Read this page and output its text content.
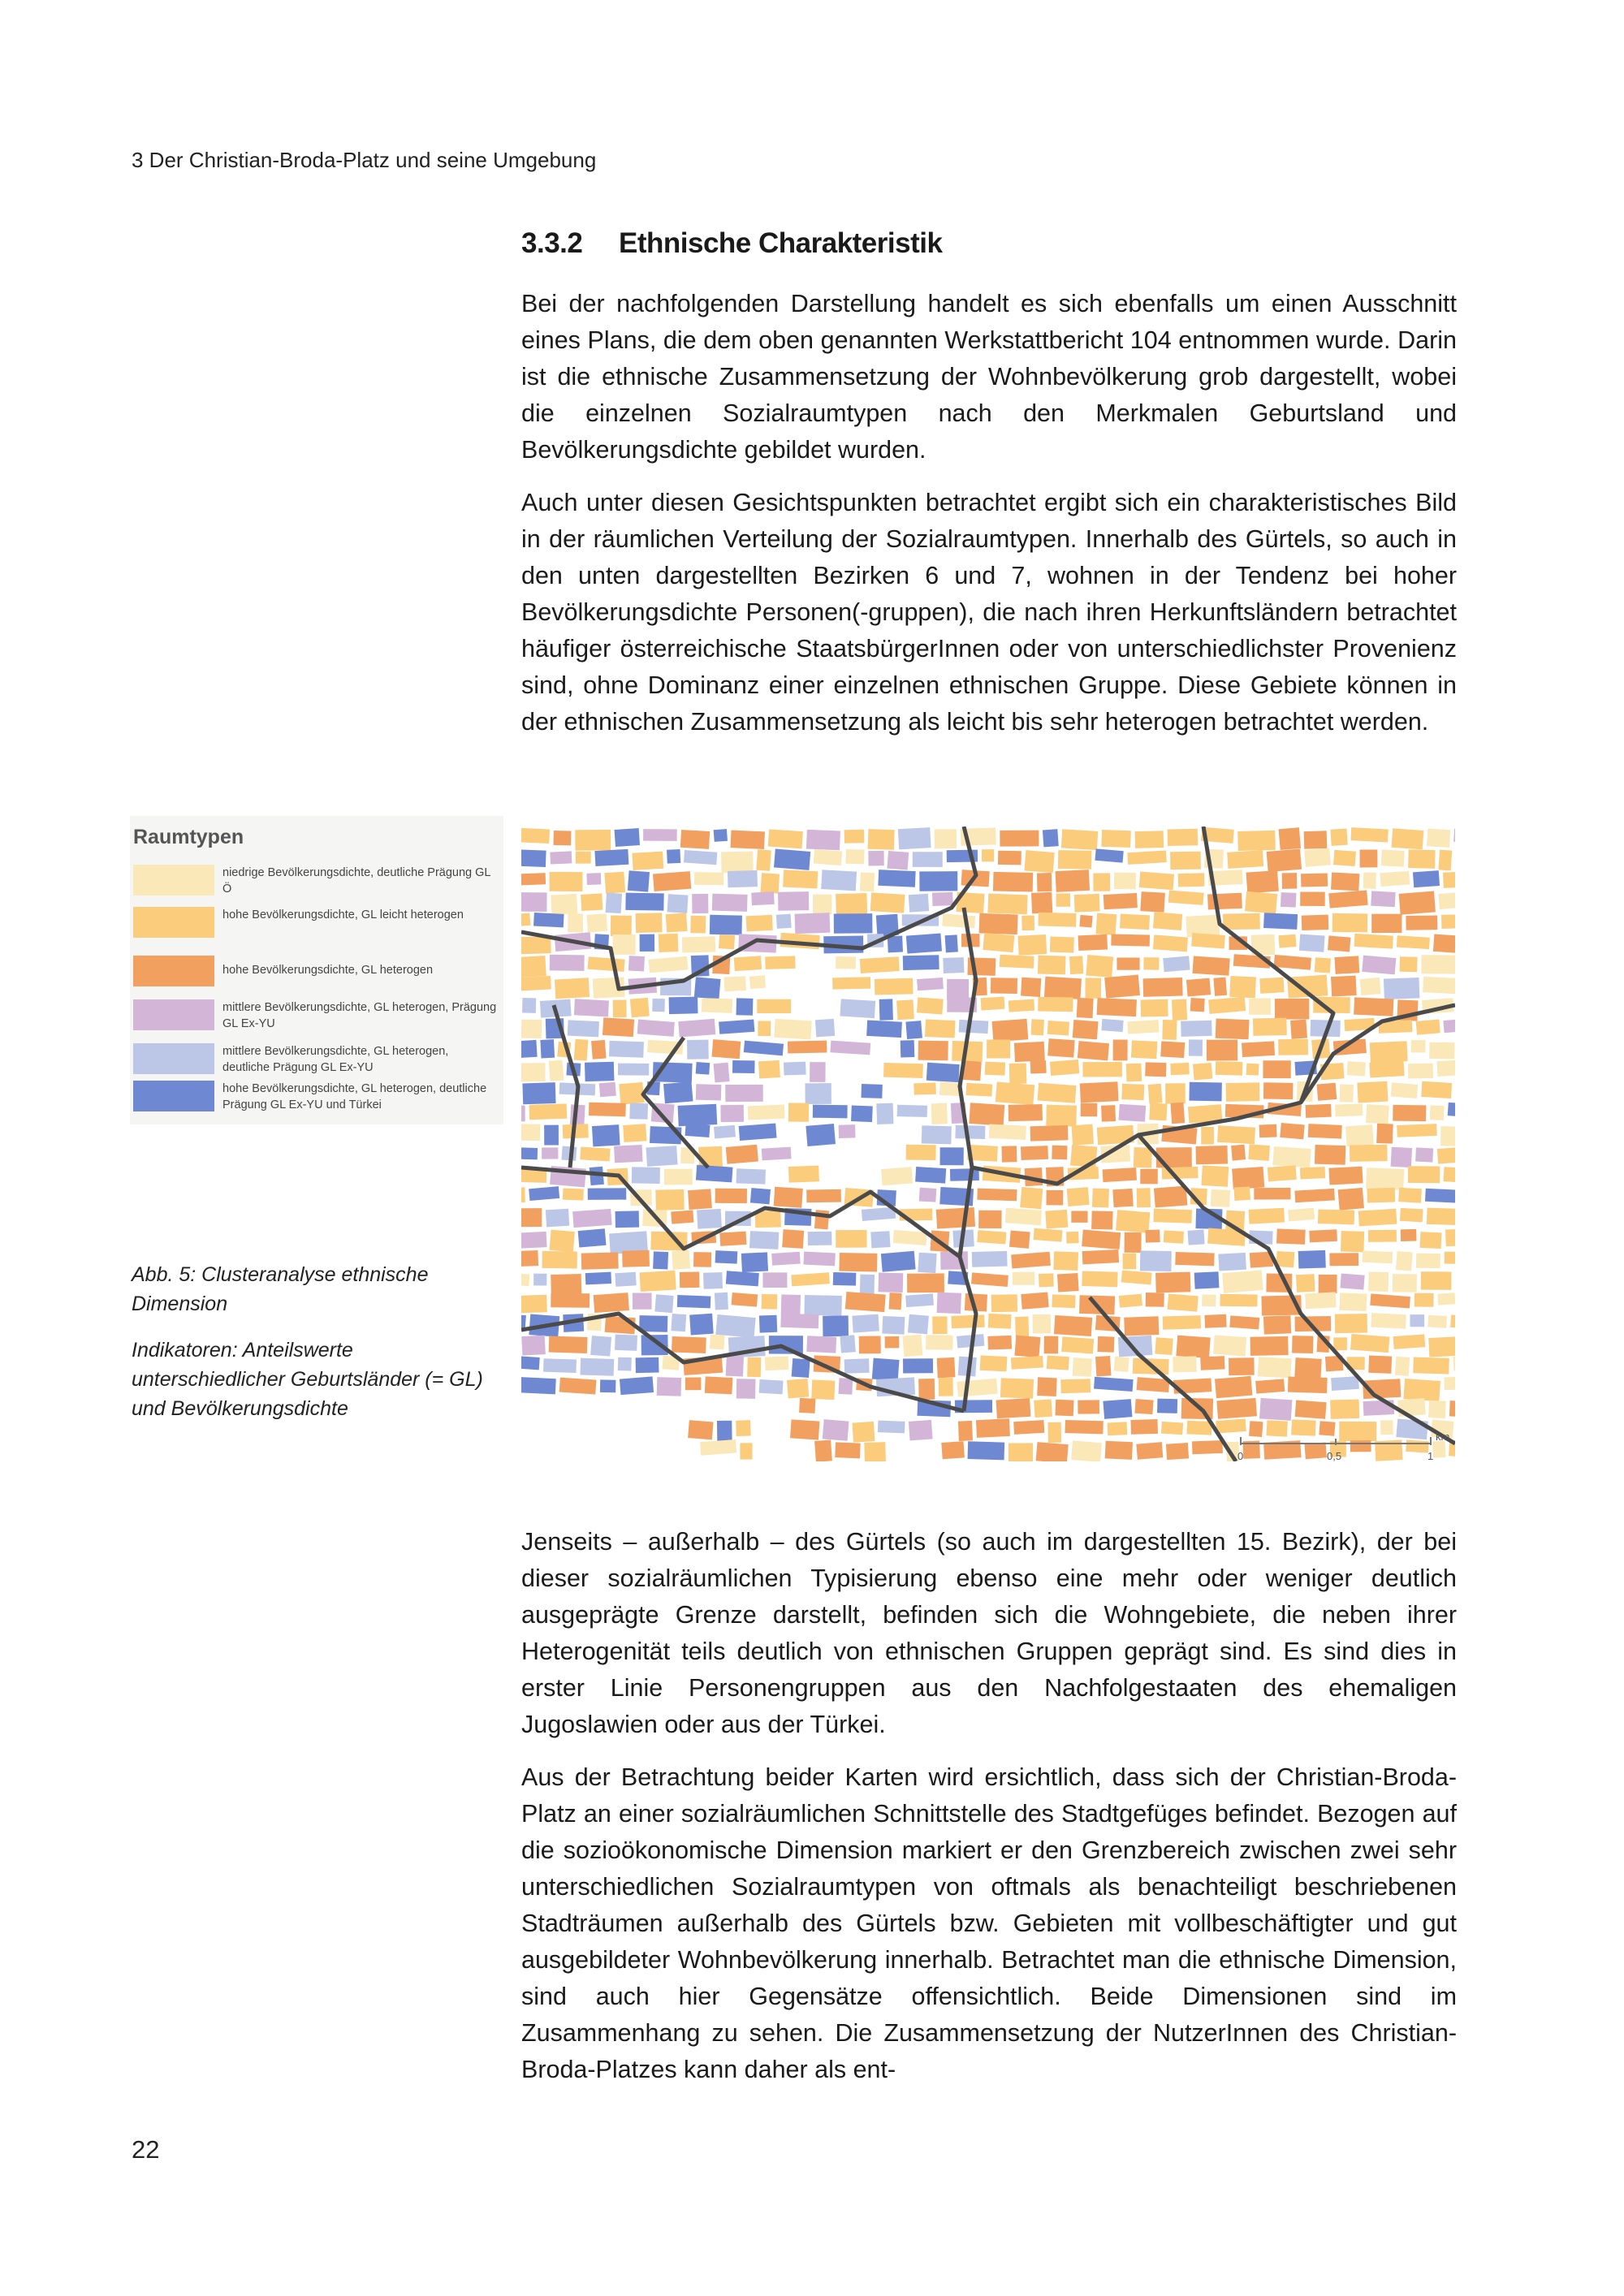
3 Der Christian-Broda-Platz und seine Umgebung
3.3.2 Ethnische Charakteristik

Bei der nachfolgenden Darstellung handelt es sich ebenfalls um einen Ausschnitt eines Plans, die dem oben genannten Werkstattbericht 104 entnommen wurde. Darin ist die ethnische Zusammensetzung der Wohnbevölkerung grob dargestellt, wobei die einzelnen Sozialraumtypen nach den Merkmalen Geburtsland und Bevölkerungsdichte gebildet wurden.

Auch unter diesen Gesichtspunkten betrachtet ergibt sich ein charakteristisches Bild in der räumlichen Verteilung der Sozialraumtypen. Innerhalb des Gürtels, so auch in den unten dargestellten Bezirken 6 und 7, wohnen in der Tendenz bei hoher Bevölkerungsdichte Personen(-gruppen), die nach ihren Herkunftsländern betrachtet häufiger österreichische StaatsbürgerInnen oder von unterschiedlichster Provenienz sind, ohne Dominanz einer einzelnen ethnischen Gruppe. Diese Gebiete können in der ethnischen Zusammensetzung als leicht bis sehr heterogen betrachtet werden.

Raumtypen
niedrige Bevölkerungsdichte, deutliche Prägung GL Ö
hohe Bevölkerungsdichte, GL leicht heterogen
hohe Bevölkerungsdichte, GL heterogen
mittlere Bevölkerungsdichte, GL heterogen, Prägung GL Ex-YU
mittlere Bevölkerungsdichte, GL heterogen, deutliche Prägung GL Ex-YU
hohe Bevölkerungsdichte, GL heterogen, deutliche Prägung GL Ex-YU und Türkei
Abb. 5: Clusteranalyse ethnische Dimension
Indikatoren: Anteilswerte unterschiedlicher Geburtsländer (= GL) und Bevölkerungsdichte
km
0	0,5	1

Jenseits – außerhalb – des Gürtels (so auch im dargestellten 15. Bezirk), der bei dieser sozialräumlichen Typisierung ebenso eine mehr oder weniger deutlich ausgeprägte Grenze darstellt, befinden sich die Wohngebiete, die neben ihrer Heterogenität teils deutlich von ethnischen Gruppen geprägt sind. Es sind dies in erster Linie Personengruppen aus den Nachfolgestaaten des ehemaligen Jugoslawien oder aus der Türkei.

Aus der Betrachtung beider Karten wird ersichtlich, dass sich der Christian-Broda-Platz an einer sozialräumlichen Schnittstelle des Stadtgefüges befindet. Bezogen auf die sozioökonomische Dimension markiert er den Grenzbereich zwischen zwei sehr unterschiedlichen Sozialraumtypen von oftmals als benachteiligt beschriebenen Stadträumen außerhalb des Gürtels bzw. Gebieten mit vollbeschäftigter und gut ausgebildeter Wohnbevölkerung innerhalb. Betrachtet man die ethnische Dimension, sind auch hier Gegensätze offensichtlich. Beide Dimensionen sind im Zusammenhang zu sehen. Die Zusammensetzung der NutzerInnen des Christian-Broda-Platzes kann daher als ent-

22
